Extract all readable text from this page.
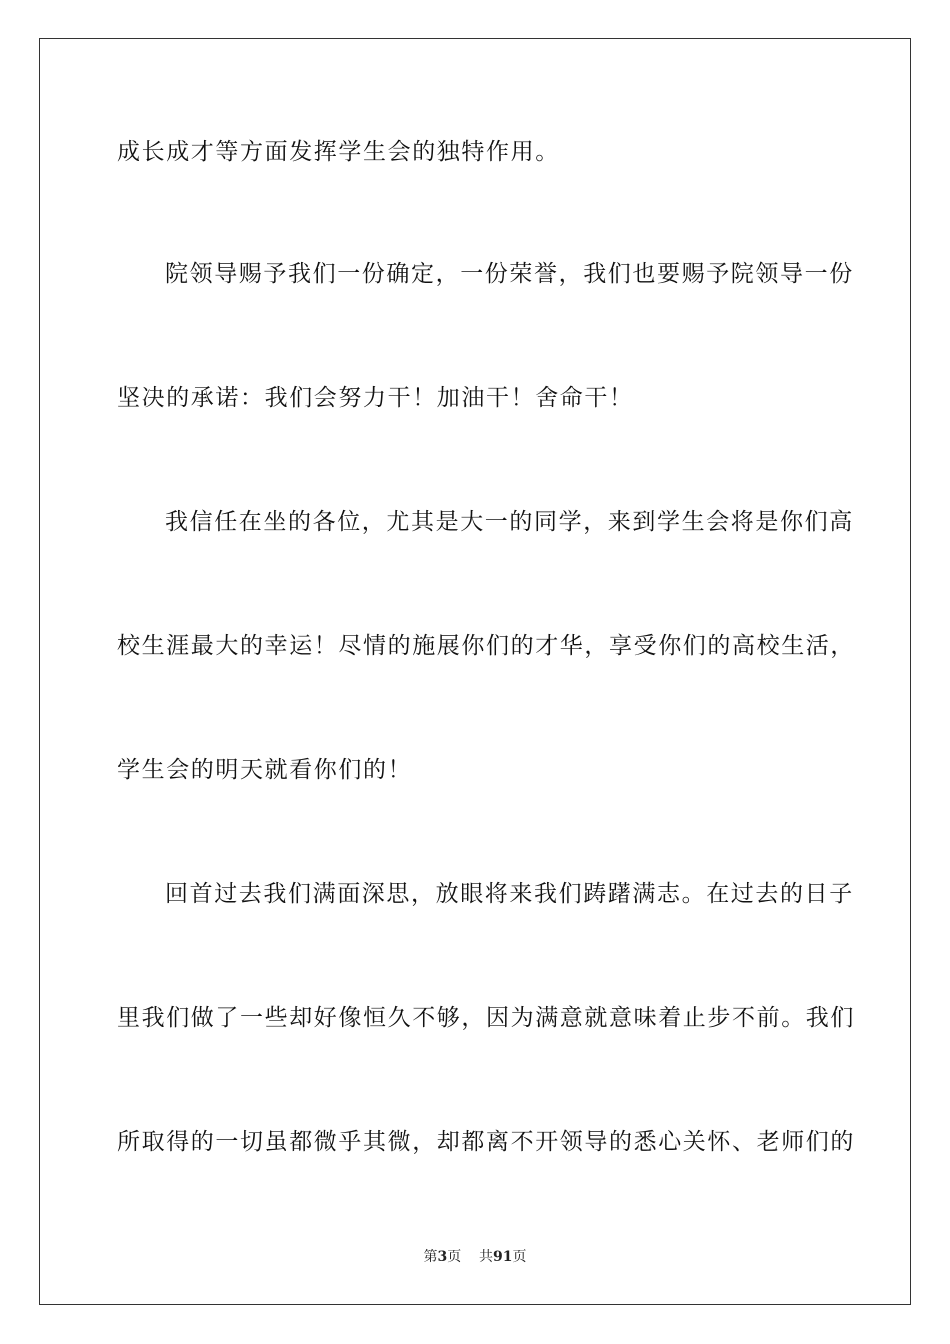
成长成才等方面发挥学生会的独特作用。
院领导赐予我们一份确定，一份荣誉，我们也要赐予院领导一份
坚决的承诺：我们会努力干！加油干！舍命干！
我信任在坐的各位，尤其是大一的同学，来到学生会将是你们高
校生涯最大的幸运！尽情的施展你们的才华，享受你们的高校生活，
学生会的明天就看你们的！
回首过去我们满面深思，放眼将来我们踌躇满志。在过去的日子
里我们做了一些却好像恒久不够，因为满意就意味着止步不前。我们
所取得的一切虽都微乎其微，却都离不开领导的悉心关怀、老师们的
第3页 共91页
